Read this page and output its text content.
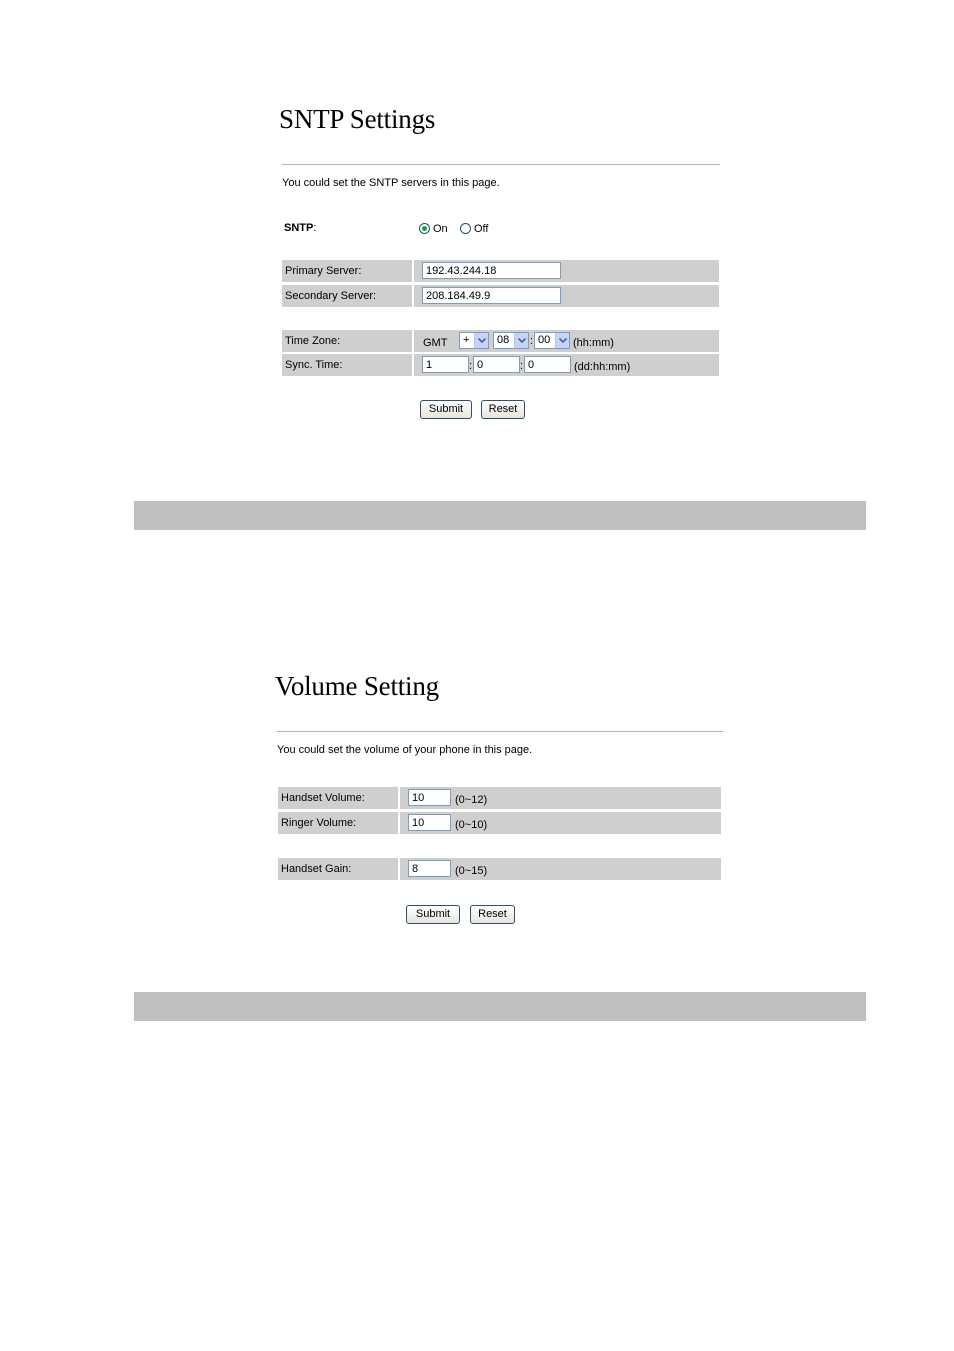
SNTP Settings
You could set the SNTP servers in this page.
SNTP:	On Off
Primary Server:	192.43.244.18
Secondary Server:	208.184.49.9
Time Zone:	GMT +	08 : 00 (hh:mm)
Sync. Time:	1	: 0	: 0	(dd:hh:mm)
Submit	Reset
Volume Setting
You could set the volume of your phone in this page.
Handset Volume:	10	(0~12)
Ringer Volume:	10	(0~10)
Handset Gain:	8	(0~15)
Submit	Reset
